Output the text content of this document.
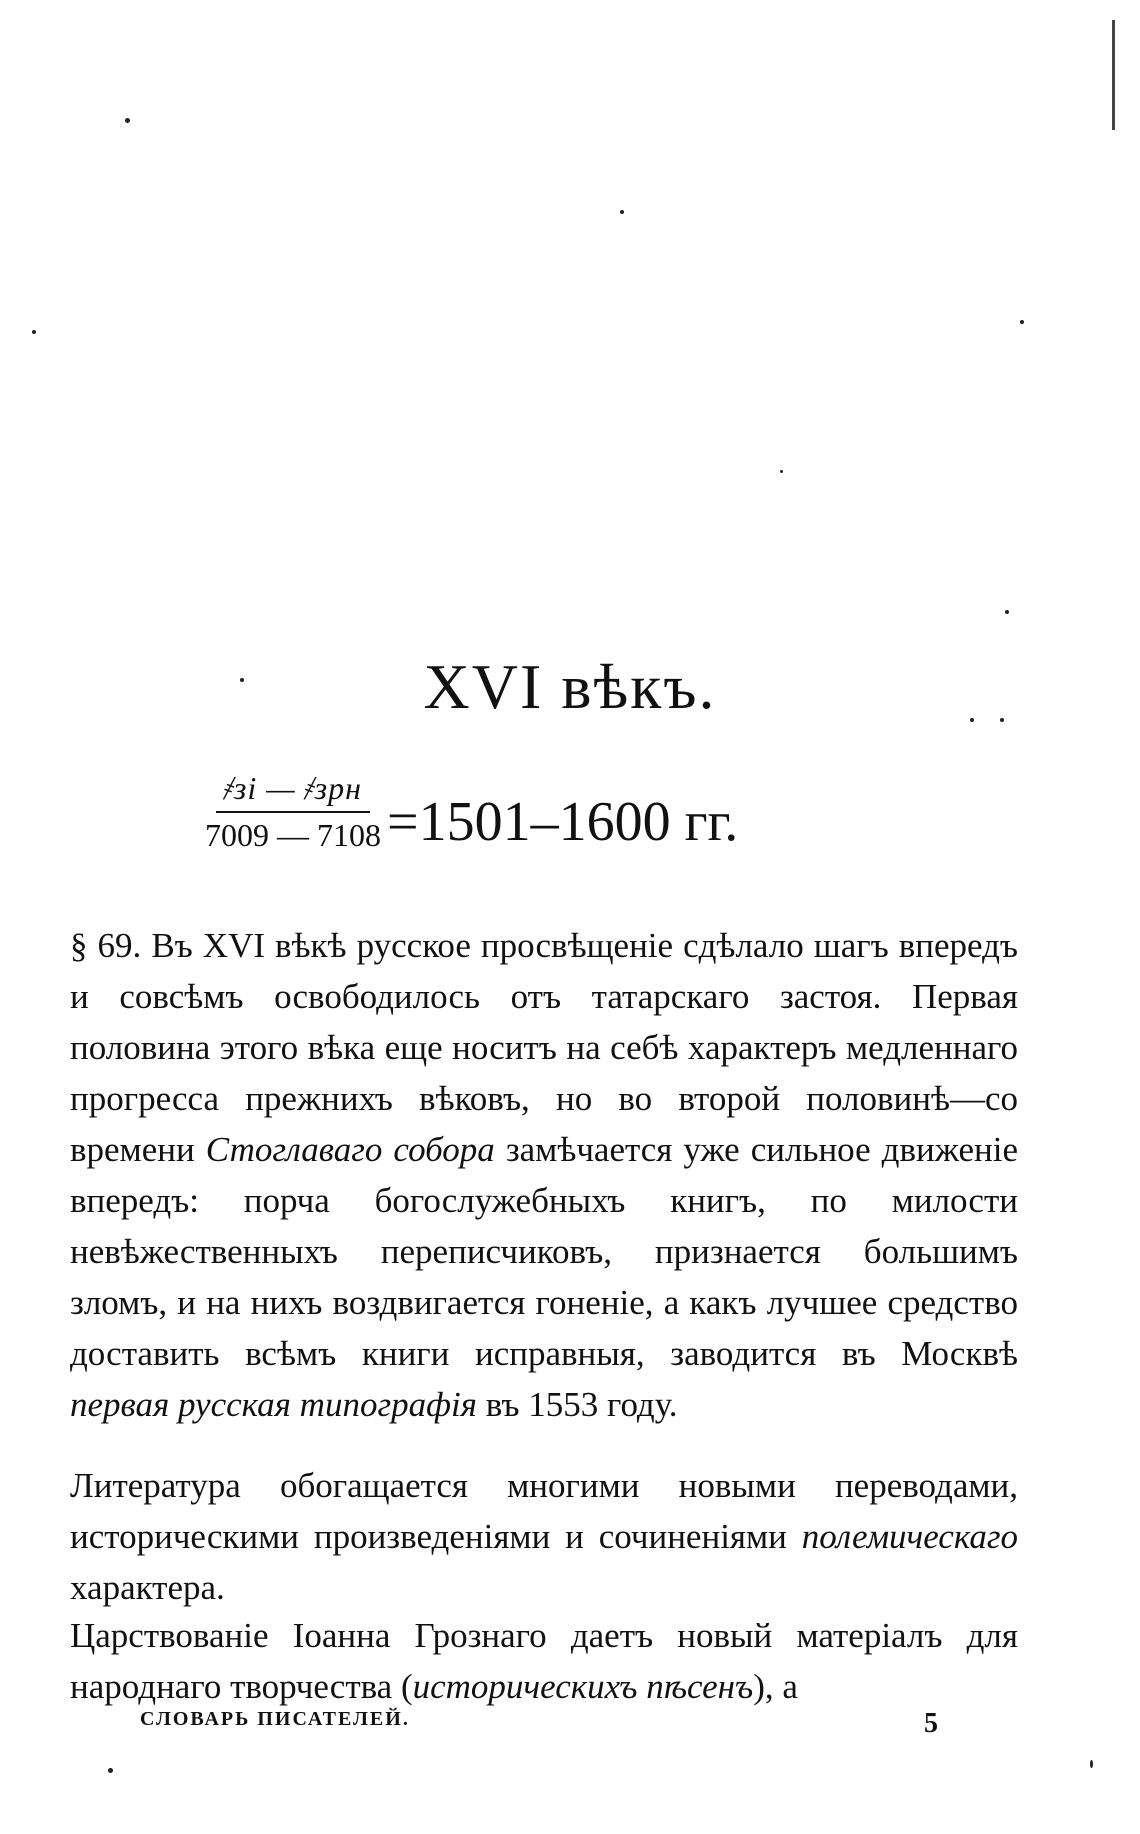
XVI вѣкъ.
$\frac{\text{҂зі — ҂зрн}}{7009 — 7108} =1501-1600$ гг.

§ 69. Въ XVI вѣкѣ русское просвѣщеніе сдѣлало шагъ впередъ и совсѣмъ освободилось отъ татарскаго застоя. Первая половина этого вѣка еще носитъ на себѣ характеръ медленнаго прогресса прежнихъ вѣковъ, но во второй половинѣ—со времени Стоглаваго собора замѣчается уже сильное движеніе впередъ: порча богослужебныхъ книгъ, по милости невѣжественныхъ переписчиковъ, признается большимъ зломъ, и на нихъ воздвигается гоненіе, а какъ лучшее средство доставить всѣмъ книги исправныя, заводится въ Москвѣ первая русская типографія въ 1553 году.

Литература обогащается многими новыми переводами, историческими произведеніями и сочиненіями полемическаго характера.

Царствованіе Іоанна Грознаго даетъ новый матеріалъ для народнаго творчества (историческихъ пѣсенъ), а

СЛОВАРЬ ПИСАТЕЛЕЙ.	5
